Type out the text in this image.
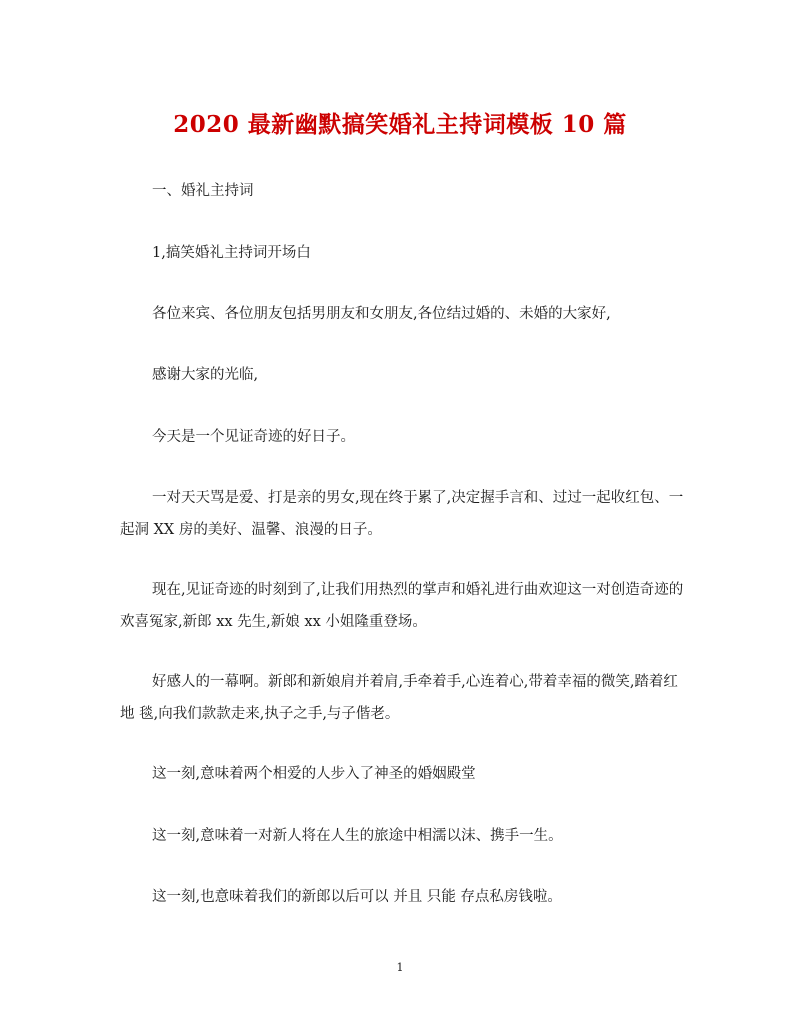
2020 最新幽默搞笑婚礼主持词模板 10 篇
一、婚礼主持词
1,搞笑婚礼主持词开场白
各位来宾、各位朋友包括男朋友和女朋友,各位结过婚的、未婚的大家好,
感谢大家的光临,
今天是一个见证奇迹的好日子。
一对天天骂是爱、打是亲的男女,现在终于累了,决定握手言和、过过一起收红包、一起洞 XX 房的美好、温馨、浪漫的日子。
现在,见证奇迹的时刻到了,让我们用热烈的掌声和婚礼进行曲欢迎这一对创造奇迹的欢喜冤家,新郎 xx 先生,新娘 xx 小姐隆重登场。
好感人的一幕啊。新郎和新娘肩并着肩,手牵着手,心连着心,带着幸福的微笑,踏着红地 毯,向我们款款走来,执子之手,与子偕老。
这一刻,意味着两个相爱的人步入了神圣的婚姻殿堂
这一刻,意味着一对新人将在人生的旅途中相濡以沫、携手一生。
这一刻,也意味着我们的新郎以后可以 并且 只能 存点私房钱啦。
1
